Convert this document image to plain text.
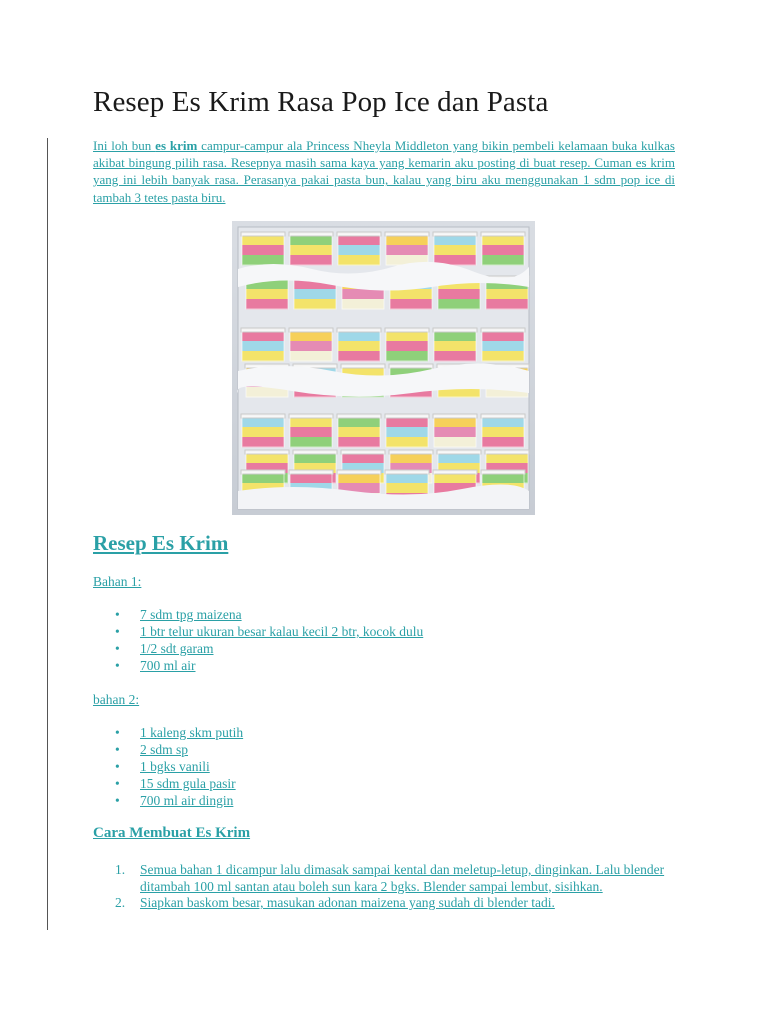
Resep Es Krim Rasa Pop Ice dan Pasta

Ini loh bun es krim campur-campur ala Princess Nheyla Middleton yang bikin pembeli kelamaan buka kulkas akibat bingung pilih rasa. Resepnya masih sama kaya yang kemarin aku posting di buat resep. Cuman es krim yang ini lebih banyak rasa. Perasanya pakai pasta bun, kalau yang biru aku menggunakan 1 sdm pop ice di tambah 3 tetes pasta biru.

Resep Es Krim

Bahan 1:

• 7 sdm tpg maizena
• 1 btr telur ukuran besar kalau kecil 2 btr, kocok dulu
• 1/2 sdt garam
• 700 ml air

bahan 2:

• 1 kaleng skm putih
• 2 sdm sp
• 1 bgks vanili
• 15 sdm gula pasir
• 700 ml air dingin
Cara Membuat Es Krim
1. Semua bahan 1 dicampur lalu dimasak sampai kental dan meletup-letup, dinginkan. Lalu blender ditambah 100 ml santan atau boleh sun kara 2 bgks. Blender sampai lembut, sisihkan.
2. Siapkan baskom besar, masukan adonan maizena yang sudah di blender tadi.
